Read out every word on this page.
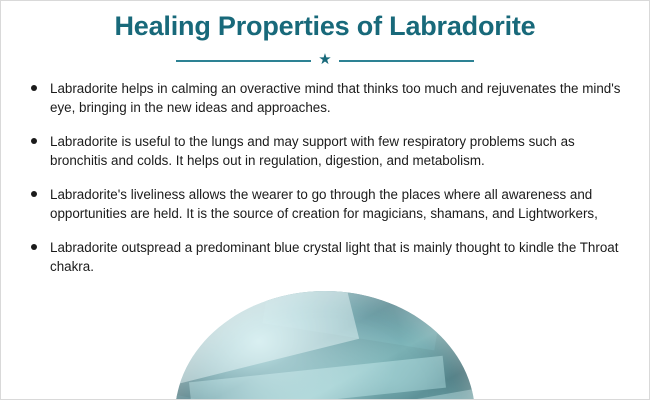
Healing Properties of Labradorite
★
Labradorite helps in calming an overactive mind that thinks too much and rejuvenates the mind's eye, bringing in the new ideas and approaches.
Labradorite is useful to the lungs and may support with few respiratory problems such as bronchitis and colds. It helps out in regulation, digestion, and metabolism.
Labradorite's liveliness allows the wearer to go through the places where all awareness and opportunities are held. It is the source of creation for magicians, shamans, and Lightworkers,
Labradorite outspread a predominant blue crystal light that is mainly thought to kindle the Throat chakra.
